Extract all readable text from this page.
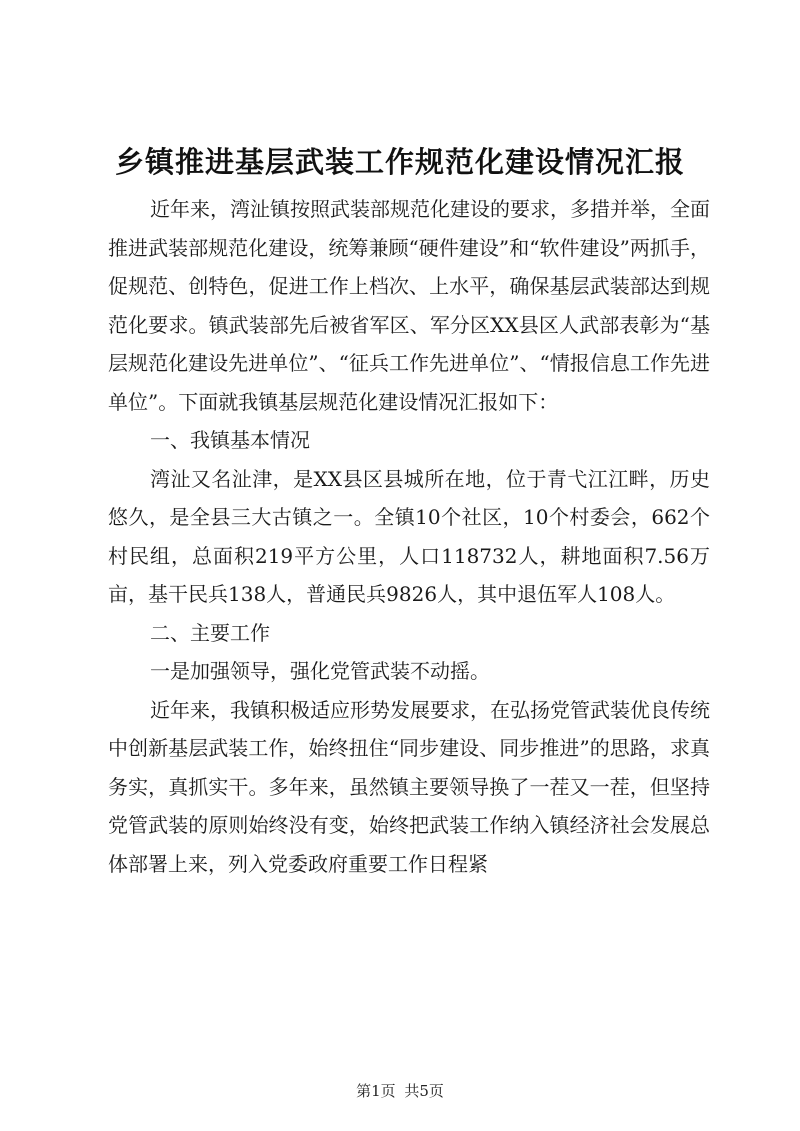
乡镇推进基层武装工作规范化建设情况汇报

近年来，湾沚镇按照武装部规范化建设的要求，多措并举，全面推进武装部规范化建设，统筹兼顾“硬件建设”和“软件建设”两抓手，促规范、创特色，促进工作上档次、上水平，确保基层武装部达到规范化要求。镇武装部先后被省军区、军分区XX县区人武部表彰为“基层规范化建设先进单位”、“征兵工作先进单位”、“情报信息工作先进单位”。下面就我镇基层规范化建设情况汇报如下：

一、我镇基本情况

湾沚又名沚津，是XX县区县城所在地，位于青弋江江畔，历史悠久，是全县三大古镇之一。全镇10个社区，10个村委会，662个村民组，总面积219平方公里，人口118732人，耕地面积7.56万亩，基干民兵138人，普通民兵9826人，其中退伍军人108人。

二、主要工作

一是加强领导，强化党管武装不动摇。

近年来，我镇积极适应形势发展要求，在弘扬党管武装优良传统中创新基层武装工作，始终扭住“同步建设、同步推进”的思路，求真务实，真抓实干。多年来，虽然镇主要领导换了一茬又一茬，但坚持党管武装的原则始终没有变，始终把武装工作纳入镇经济社会发展总体部署上来，列入党委政府重要工作日程紧

第1页 共5页
